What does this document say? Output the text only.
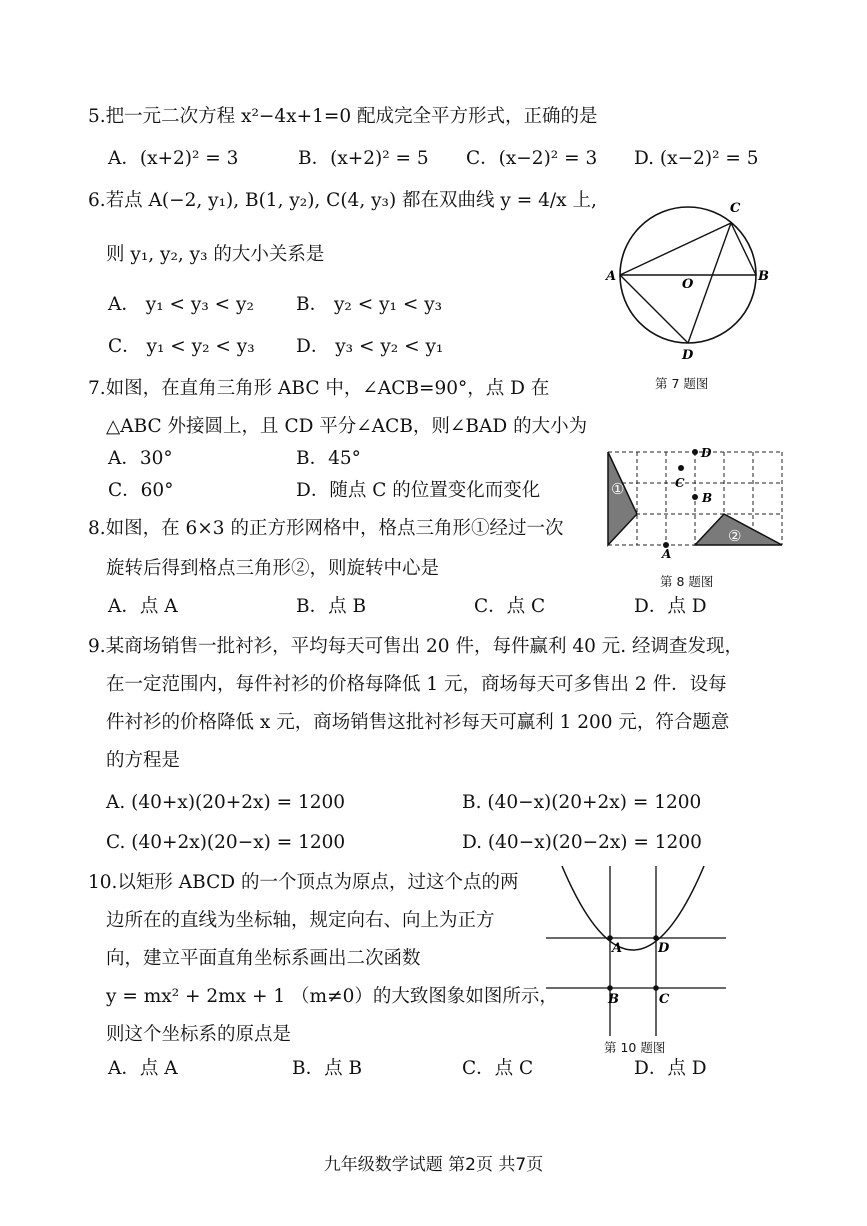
5.把一元二次方程 x²−4x+1=0 配成完全平方形式，正确的是
A．(x+2)² = 3	B．(x+2)² = 5 C．(x−2)² = 3 D. (x−2)² = 5
6.若点 A(−2, y₁), B(1, y₂), C(4, y₃) 都在双曲线 y = 4/x 上,
则 y₁, y₂, y₃ 的大小关系是
A． y₁ < y₃ < y₂ B． y₂ < y₁ < y₃
C． y₁ < y₂ < y₃ D． y₃ < y₂ < y₁
C
A
O
B
D
第 7 题图
7.如图，在直角三角形 ABC 中，∠ACB=90°，点 D 在
△ABC 外接圆上，且 CD 平分∠ACB，则∠BAD 的大小为
A．30°	B．45°
C．60°	D．随点 C 的位置变化而变化
D
C
B
A
①
②
第 8 题图
8.如图，在 6×3 的正方形网格中，格点三角形①经过一次
旋转后得到格点三角形②，则旋转中心是
A．点 A	B．点 B	C．点 C	D．点 D
9.某商场销售一批衬衫，平均每天可售出 20 件，每件赢利 40 元. 经调查发现，
在一定范围内，每件衬衫的价格每降低 1 元，商场每天可多售出 2 件．设每
件衬衫的价格降低 x 元，商场销售这批衬衫每天可赢利 1 200 元，符合题意
的方程是
A. (40+x)(20+2x) = 1200	B. (40−x)(20+2x) = 1200
C. (40+2x)(20−x) = 1200	D. (40−x)(20−2x) = 1200
10.以矩形 ABCD 的一个顶点为原点，过这个点的两
边所在的直线为坐标轴，规定向右、向上为正方
向，建立平面直角坐标系画出二次函数
y = mx² + 2mx + 1 （m≠0）的大致图象如图所示，
则这个坐标系的原点是
A．点 A	B．点 B	C．点 C	D．点 D
A	D
B	C
第 10 题图
九年级数学试题 第2页 共7页
